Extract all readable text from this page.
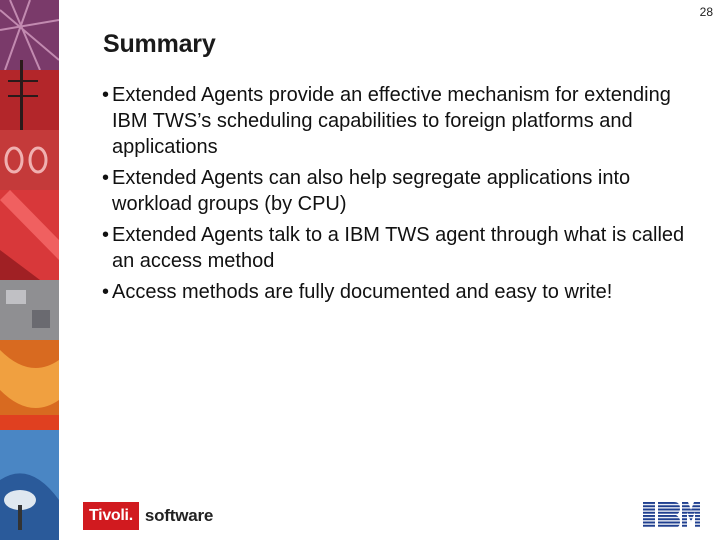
28
Summary
• Extended Agents provide an effective mechanism for extending IBM TWS’s scheduling capabilities to foreign platforms and applications
• Extended Agents can also help segregate applications into workload groups (by CPU)
• Extended Agents talk to a IBM TWS agent through what is called an access method
• Access methods are fully documented and easy to write!
Tivoli. software
